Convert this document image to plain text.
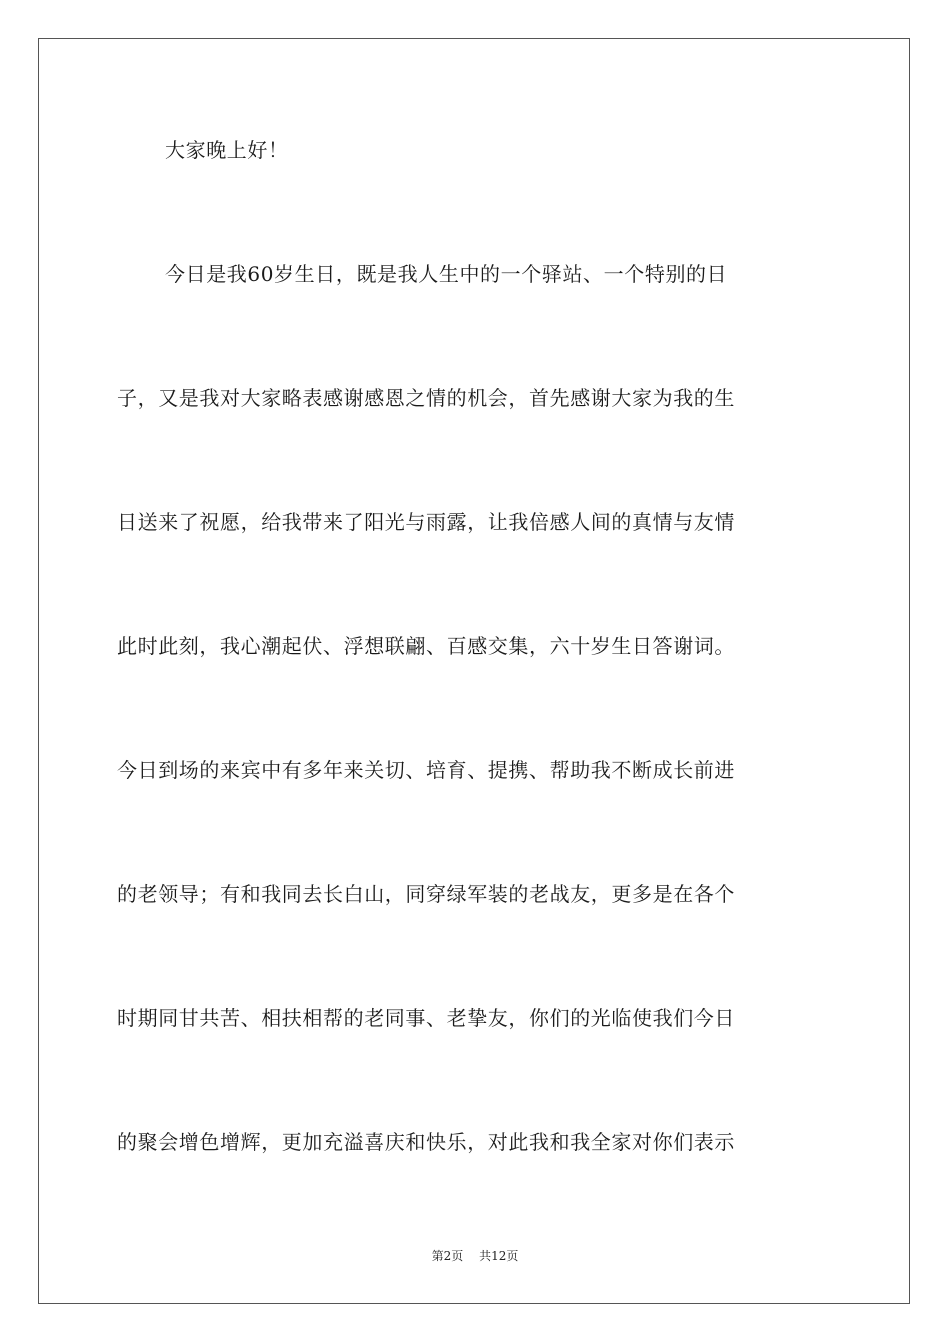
大家晚上好！
今日是我60岁生日，既是我人生中的一个驿站、一个特别的日
子，又是我对大家略表感谢感恩之情的机会，首先感谢大家为我的生
日送来了祝愿，给我带来了阳光与雨露，让我倍感人间的真情与友情
此时此刻，我心潮起伏、浮想联翩、百感交集，六十岁生日答谢词。
今日到场的来宾中有多年来关切、培育、提携、帮助我不断成长前进
的老领导；有和我同去长白山，同穿绿军装的老战友，更多是在各个
时期同甘共苦、相扶相帮的老同事、老挚友，你们的光临使我们今日
的聚会增色增辉，更加充溢喜庆和快乐，对此我和我全家对你们表示
第2页 共12页
